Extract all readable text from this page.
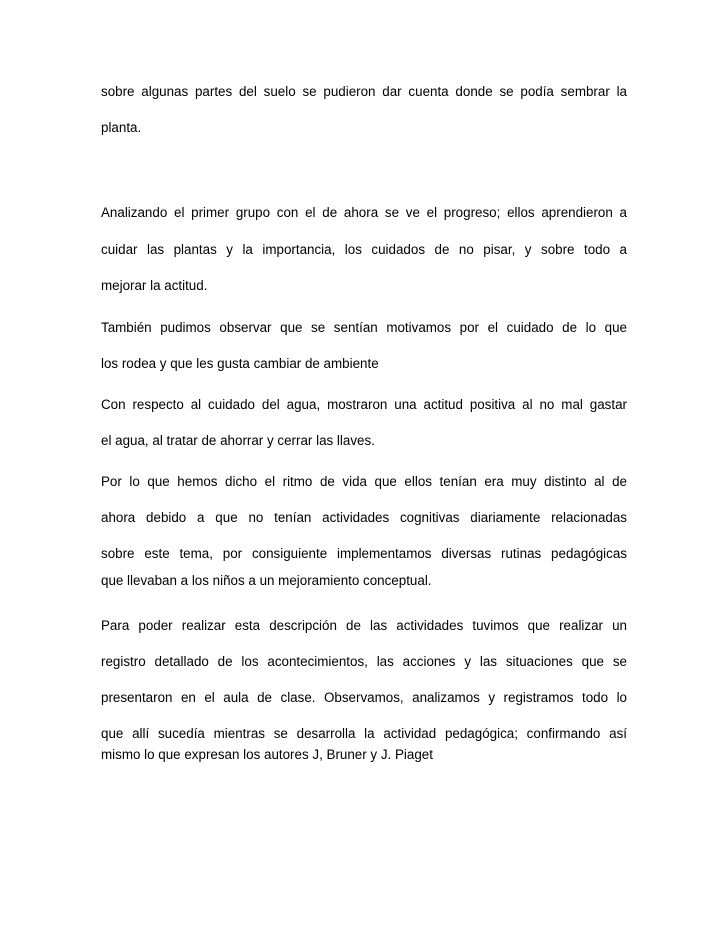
sobre algunas partes del suelo se pudieron dar cuenta donde se podía sembrar la
planta.
Analizando el primer grupo con el de ahora se ve el progreso; ellos aprendieron a
cuidar las plantas y la importancia, los cuidados de no pisar, y sobre todo a
mejorar la actitud.
También pudimos observar que se sentían motivamos por el cuidado de lo que
los rodea y que les gusta cambiar de ambiente
Con respecto al cuidado del agua, mostraron una actitud positiva al no mal gastar
el agua, al tratar de ahorrar y cerrar las llaves.
Por lo que hemos dicho el ritmo de vida que ellos tenían era muy distinto al de
ahora debido a que no tenían actividades cognitivas diariamente relacionadas
sobre este tema, por consiguiente implementamos diversas rutinas pedagógicas
que llevaban a los niños a un mejoramiento conceptual.
Para poder realizar esta descripción de las actividades tuvimos que realizar un
registro detallado de los acontecimientos, las acciones y las situaciones que se
presentaron en el aula de clase. Observamos, analizamos y registramos todo lo
que allí sucedía mientras se desarrolla la actividad pedagógica; confirmando así
mismo lo que expresan los autores J, Bruner y J. Piaget
